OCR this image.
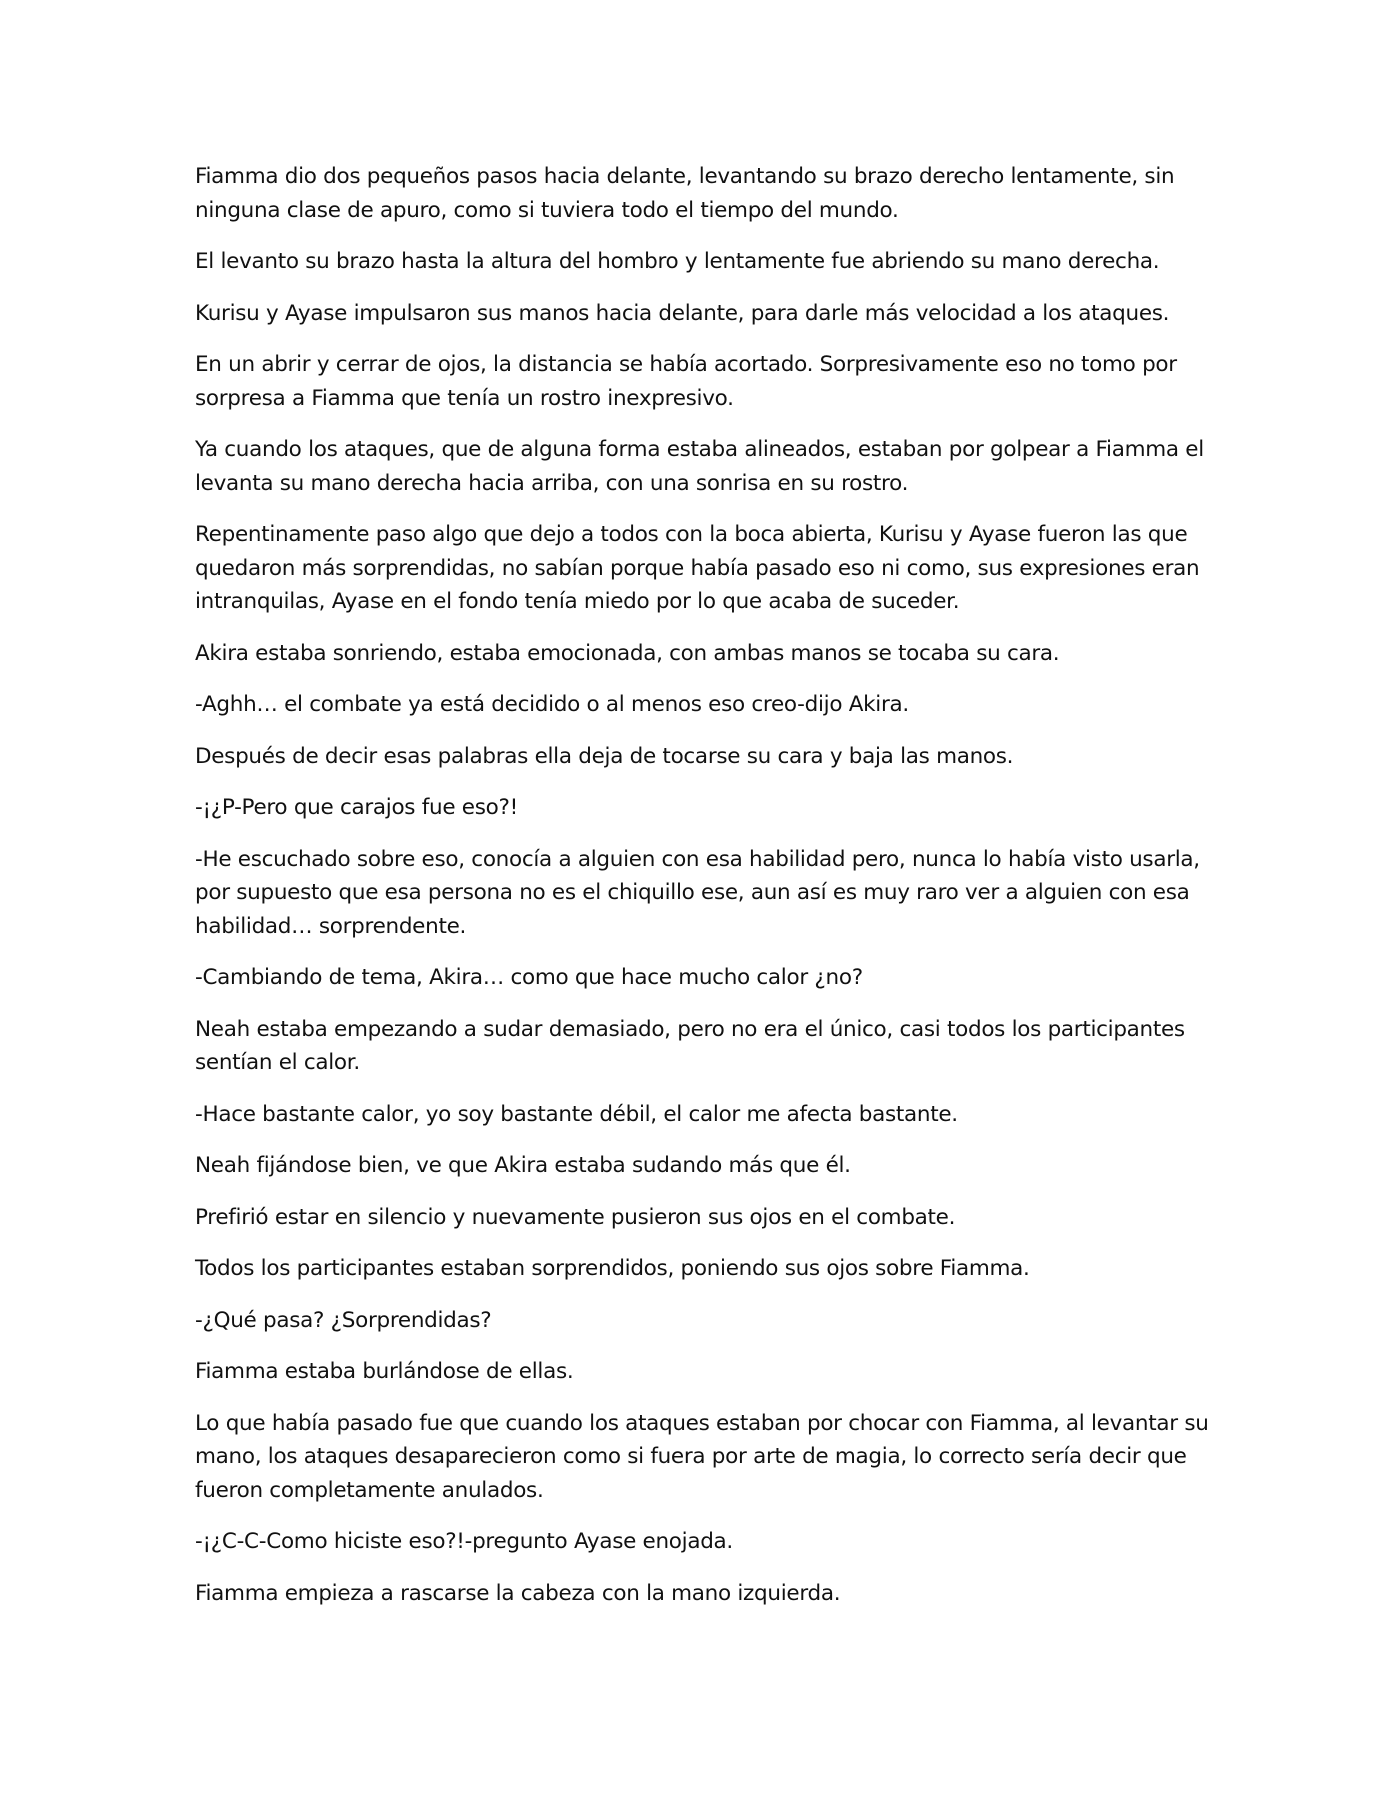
Fiamma dio dos pequeños pasos hacia delante, levantando su brazo derecho lentamente, sin ninguna clase de apuro, como si tuviera todo el tiempo del mundo.

El levanto su brazo hasta la altura del hombro y lentamente fue abriendo su mano derecha.

Kurisu y Ayase impulsaron sus manos hacia delante, para darle más velocidad a los ataques.

En un abrir y cerrar de ojos, la distancia se había acortado. Sorpresivamente eso no tomo por sorpresa a Fiamma que tenía un rostro inexpresivo.

Ya cuando los ataques, que de alguna forma estaba alineados, estaban por golpear a Fiamma el levanta su mano derecha hacia arriba, con una sonrisa en su rostro.

Repentinamente paso algo que dejo a todos con la boca abierta, Kurisu y Ayase fueron las que quedaron más sorprendidas, no sabían porque había pasado eso ni como, sus expresiones eran intranquilas, Ayase en el fondo tenía miedo por lo que acaba de suceder.

Akira estaba sonriendo, estaba emocionada, con ambas manos se tocaba su cara.

-Aghh… el combate ya está decidido o al menos eso creo-dijo Akira.

Después de decir esas palabras ella deja de tocarse su cara y baja las manos.

-¡¿P-Pero que carajos fue eso?!

-He escuchado sobre eso, conocía a alguien con esa habilidad pero, nunca lo había visto usarla, por supuesto que esa persona no es el chiquillo ese, aun así es muy raro ver a alguien con esa habilidad… sorprendente.

-Cambiando de tema, Akira… como que hace mucho calor ¿no?

Neah estaba empezando a sudar demasiado, pero no era el único, casi todos los participantes sentían el calor.

-Hace bastante calor, yo soy bastante débil, el calor me afecta bastante.

Neah fijándose bien, ve que Akira estaba sudando más que él.

Prefirió estar en silencio y nuevamente pusieron sus ojos en el combate.

Todos los participantes estaban sorprendidos, poniendo sus ojos sobre Fiamma.

-¿Qué pasa? ¿Sorprendidas?

Fiamma estaba burlándose de ellas.

Lo que había pasado fue que cuando los ataques estaban por chocar con Fiamma, al levantar su mano, los ataques desaparecieron como si fuera por arte de magia, lo correcto sería decir que fueron completamente anulados.

-¡¿C-C-Como hiciste eso?!-pregunto Ayase enojada.

Fiamma empieza a rascarse la cabeza con la mano izquierda.
